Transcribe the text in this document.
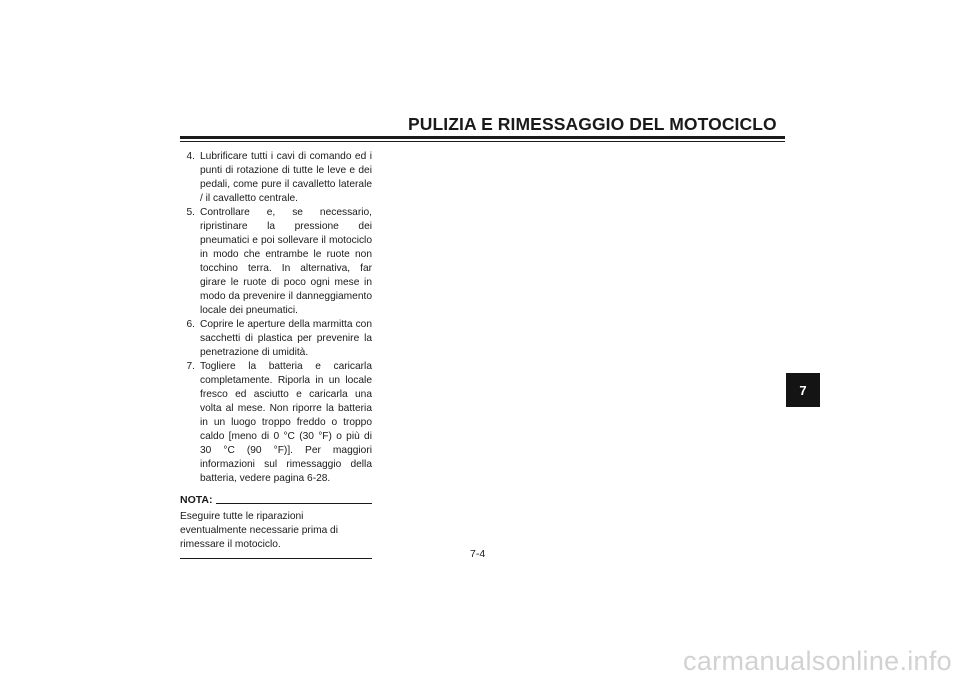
PULIZIA E RIMESSAGGIO DEL MOTOCICLO
7
4. Lubrificare tutti i cavi di comando ed i punti di rotazione di tutte le leve e dei pedali, come pure il cavalletto laterale / il cavalletto centrale.
5. Controllare e, se necessario, ripristinare la pressione dei pneumatici e poi sollevare il motociclo in modo che entrambe le ruote non tocchino terra. In alternativa, far girare le ruote di poco ogni mese in modo da prevenire il danneggiamento locale dei pneumatici.
6. Coprire le aperture della marmitta con sacchetti di plastica per prevenire la penetrazione di umidità.
7. Togliere la batteria e caricarla completamente. Riporla in un locale fresco ed asciutto e caricarla una volta al mese. Non riporre la batteria in un luogo troppo freddo o troppo caldo [meno di 0 °C (30 °F) o più di 30 °C (90 °F)]. Per maggiori informazioni sul rimessaggio della batteria, vedere pagina 6-28.
NOTA:
Eseguire tutte le riparazioni eventualmente necessarie prima di rimessare il motociclo.
7-4
carmanualsonline.info
